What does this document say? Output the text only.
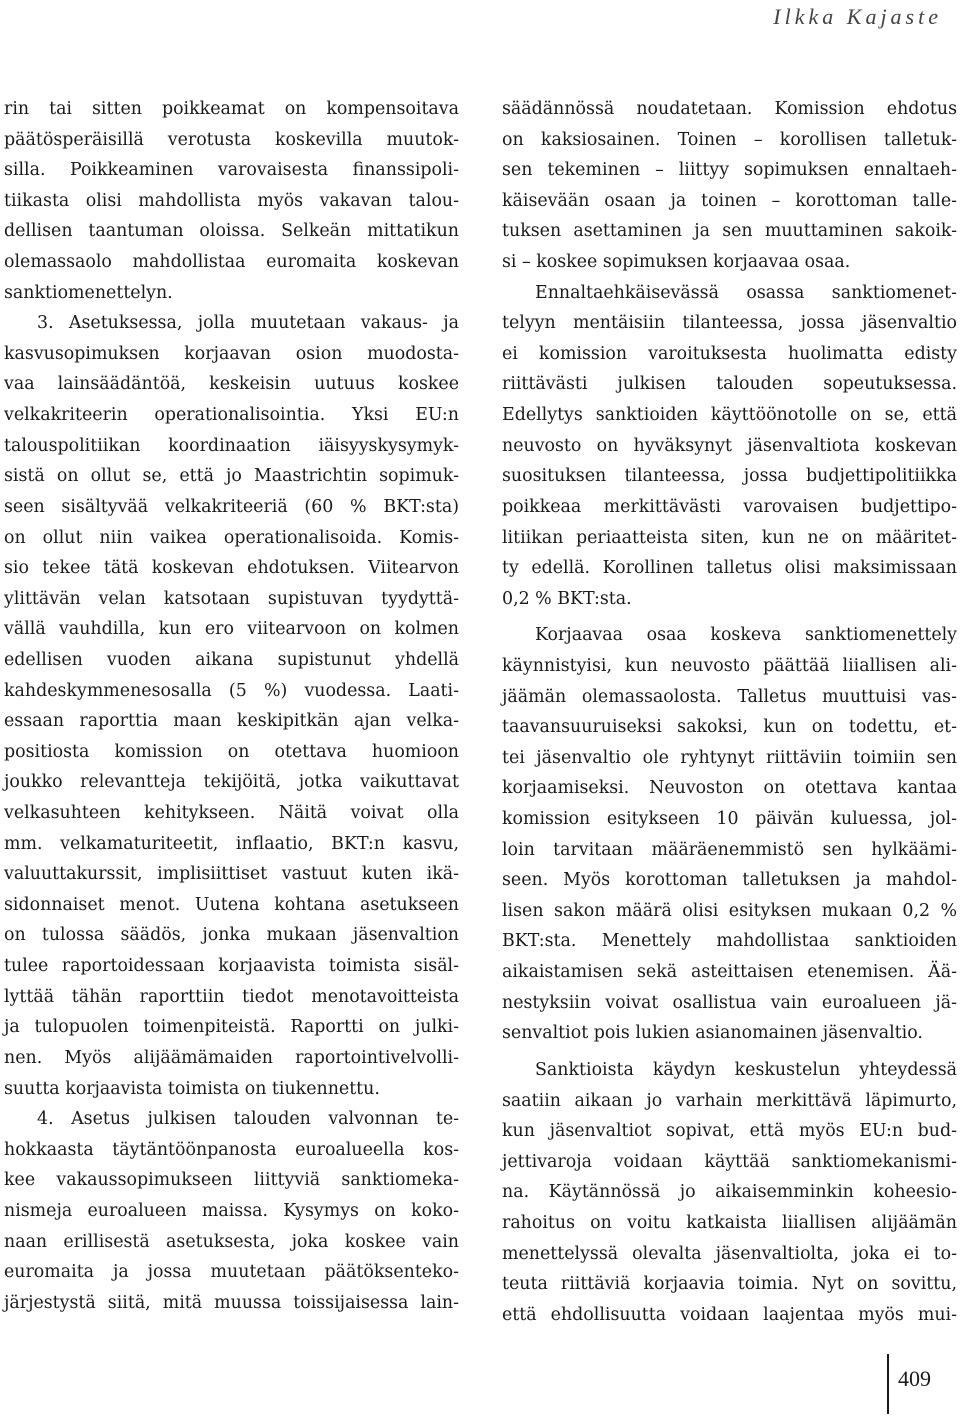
Ilkka Kajaste
rin tai sitten poikkeamat on kompensoitava
päätösperäisillä verotusta koskevilla muutok-
silla. Poikkeaminen varovaisesta finanssipoli-
tiikasta olisi mahdollista myös vakavan talou-
dellisen taantuman oloissa. Selkeän mittatikun
olemassaolo mahdollistaa euromaita koskevan
sanktiomenettelyn.
3. Asetuksessa, jolla muutetaan vakaus- ja
kasvusopimuksen korjaavan osion muodosta-
vaa lainsäädäntöä, keskeisin uutuus koskee
velkakriteerin operationalisointia. Yksi EU:n
talouspolitiikan koordinaation iäisyyskysymyk-
sistä on ollut se, että jo Maastrichtin sopimuk-
seen sisältyvää velkakriteeriä (60 % BKT:sta)
on ollut niin vaikea operationalisoida. Komis-
sio tekee tätä koskevan ehdotuksen. Viitearvon
ylittävän velan katsotaan supistuvan tyydyttä-
vällä vauhdilla, kun ero viitearvoon on kolmen
edellisen vuoden aikana supistunut yhdellä
kahdeskymmenesosalla (5 %) vuodessa. Laati-
essaan raporttia maan keskipitkän ajan velka-
positiosta komission on otettava huomioon
joukko relevantteja tekijöitä, jotka vaikuttavat
velkasuhteen kehitykseen. Näitä voivat olla
mm. velkamaturiteetit, inflaatio, BKT:n kasvu,
valuuttakurssit, implisiittiset vastuut kuten ikä-
sidonnaiset menot. Uutena kohtana asetukseen
on tulossa säädös, jonka mukaan jäsenvaltion
tulee raportoidessaan korjaavista toimista sisäl-
lyttää tähän raporttiin tiedot menotavoitteista
ja tulopuolen toimenpiteistä. Raportti on julki-
nen. Myös alijäämämaiden raportointivelvolli-
suutta korjaavista toimista on tiukennettu.
4. Asetus julkisen talouden valvonnan te-
hokkaasta täytäntöönpanosta euroalueella kos-
kee vakaussopimukseen liittyviä sanktiomeka-
nismeja euroalueen maissa. Kysymys on koko-
naan erillisestä asetuksesta, joka koskee vain
euromaita ja jossa muutetaan päätöksenteko-
järjestystä siitä, mitä muussa toissijaisessa lain-
säädännössä noudatetaan. Komission ehdotus
on kaksiosainen. Toinen – korollisen talletuk-
sen tekeminen – liittyy sopimuksen ennaltaeh-
käisevään osaan ja toinen – korottoman talle-
tuksen asettaminen ja sen muuttaminen sakoik-
si – koskee sopimuksen korjaavaa osaa.
Ennaltaehkäisevässä osassa sanktiomenet-
telyyn mentäisiin tilanteessa, jossa jäsenvaltio
ei komission varoituksesta huolimatta edisty
riittävästi julkisen talouden sopeutuksessa.
Edellytys sanktioiden käyttöönotolle on se, että
neuvosto on hyväksynyt jäsenvaltiota koskevan
suosituksen tilanteessa, jossa budjettipolitiikka
poikkeaa merkittävästi varovaisen budjettipo-
litiikan periaatteista siten, kun ne on määritet-
ty edellä. Korollinen talletus olisi maksimissaan
0,2 % BKT:sta.
Korjaavaa osaa koskeva sanktiomenettely
käynnistyisi, kun neuvosto päättää liiallisen ali-
jäämän olemassaolosta. Talletus muuttuisi vas-
taavansuuruiseksi sakoksi, kun on todettu, et-
tei jäsenvaltio ole ryhtynyt riittäviin toimiin sen
korjaamiseksi. Neuvoston on otettava kantaa
komission esitykseen 10 päivän kuluessa, jol-
loin tarvitaan määräenemmistö sen hylkäämi-
seen. Myös korottoman talletuksen ja mahdol-
lisen sakon määrä olisi esityksen mukaan 0,2 %
BKT:sta. Menettely mahdollistaa sanktioiden
aikaistamisen sekä asteittaisen etenemisen. Ää-
nestyksiin voivat osallistua vain euroalueen jä-
senvaltiot pois lukien asianomainen jäsenvaltio.
Sanktioista käydyn keskustelun yhteydessä
saatiin aikaan jo varhain merkittävä läpimurto,
kun jäsenvaltiot sopivat, että myös EU:n bud-
jettivaroja voidaan käyttää sanktiomekanismi-
na. Käytännössä jo aikaisemminkin koheesio-
rahoitus on voitu katkaista liiallisen alijäämän
menettelyssä olevalta jäsenvaltiolta, joka ei to-
teuta riittäviä korjaavia toimia. Nyt on sovittu,
että ehdollisuutta voidaan laajentaa myös mui-
409
